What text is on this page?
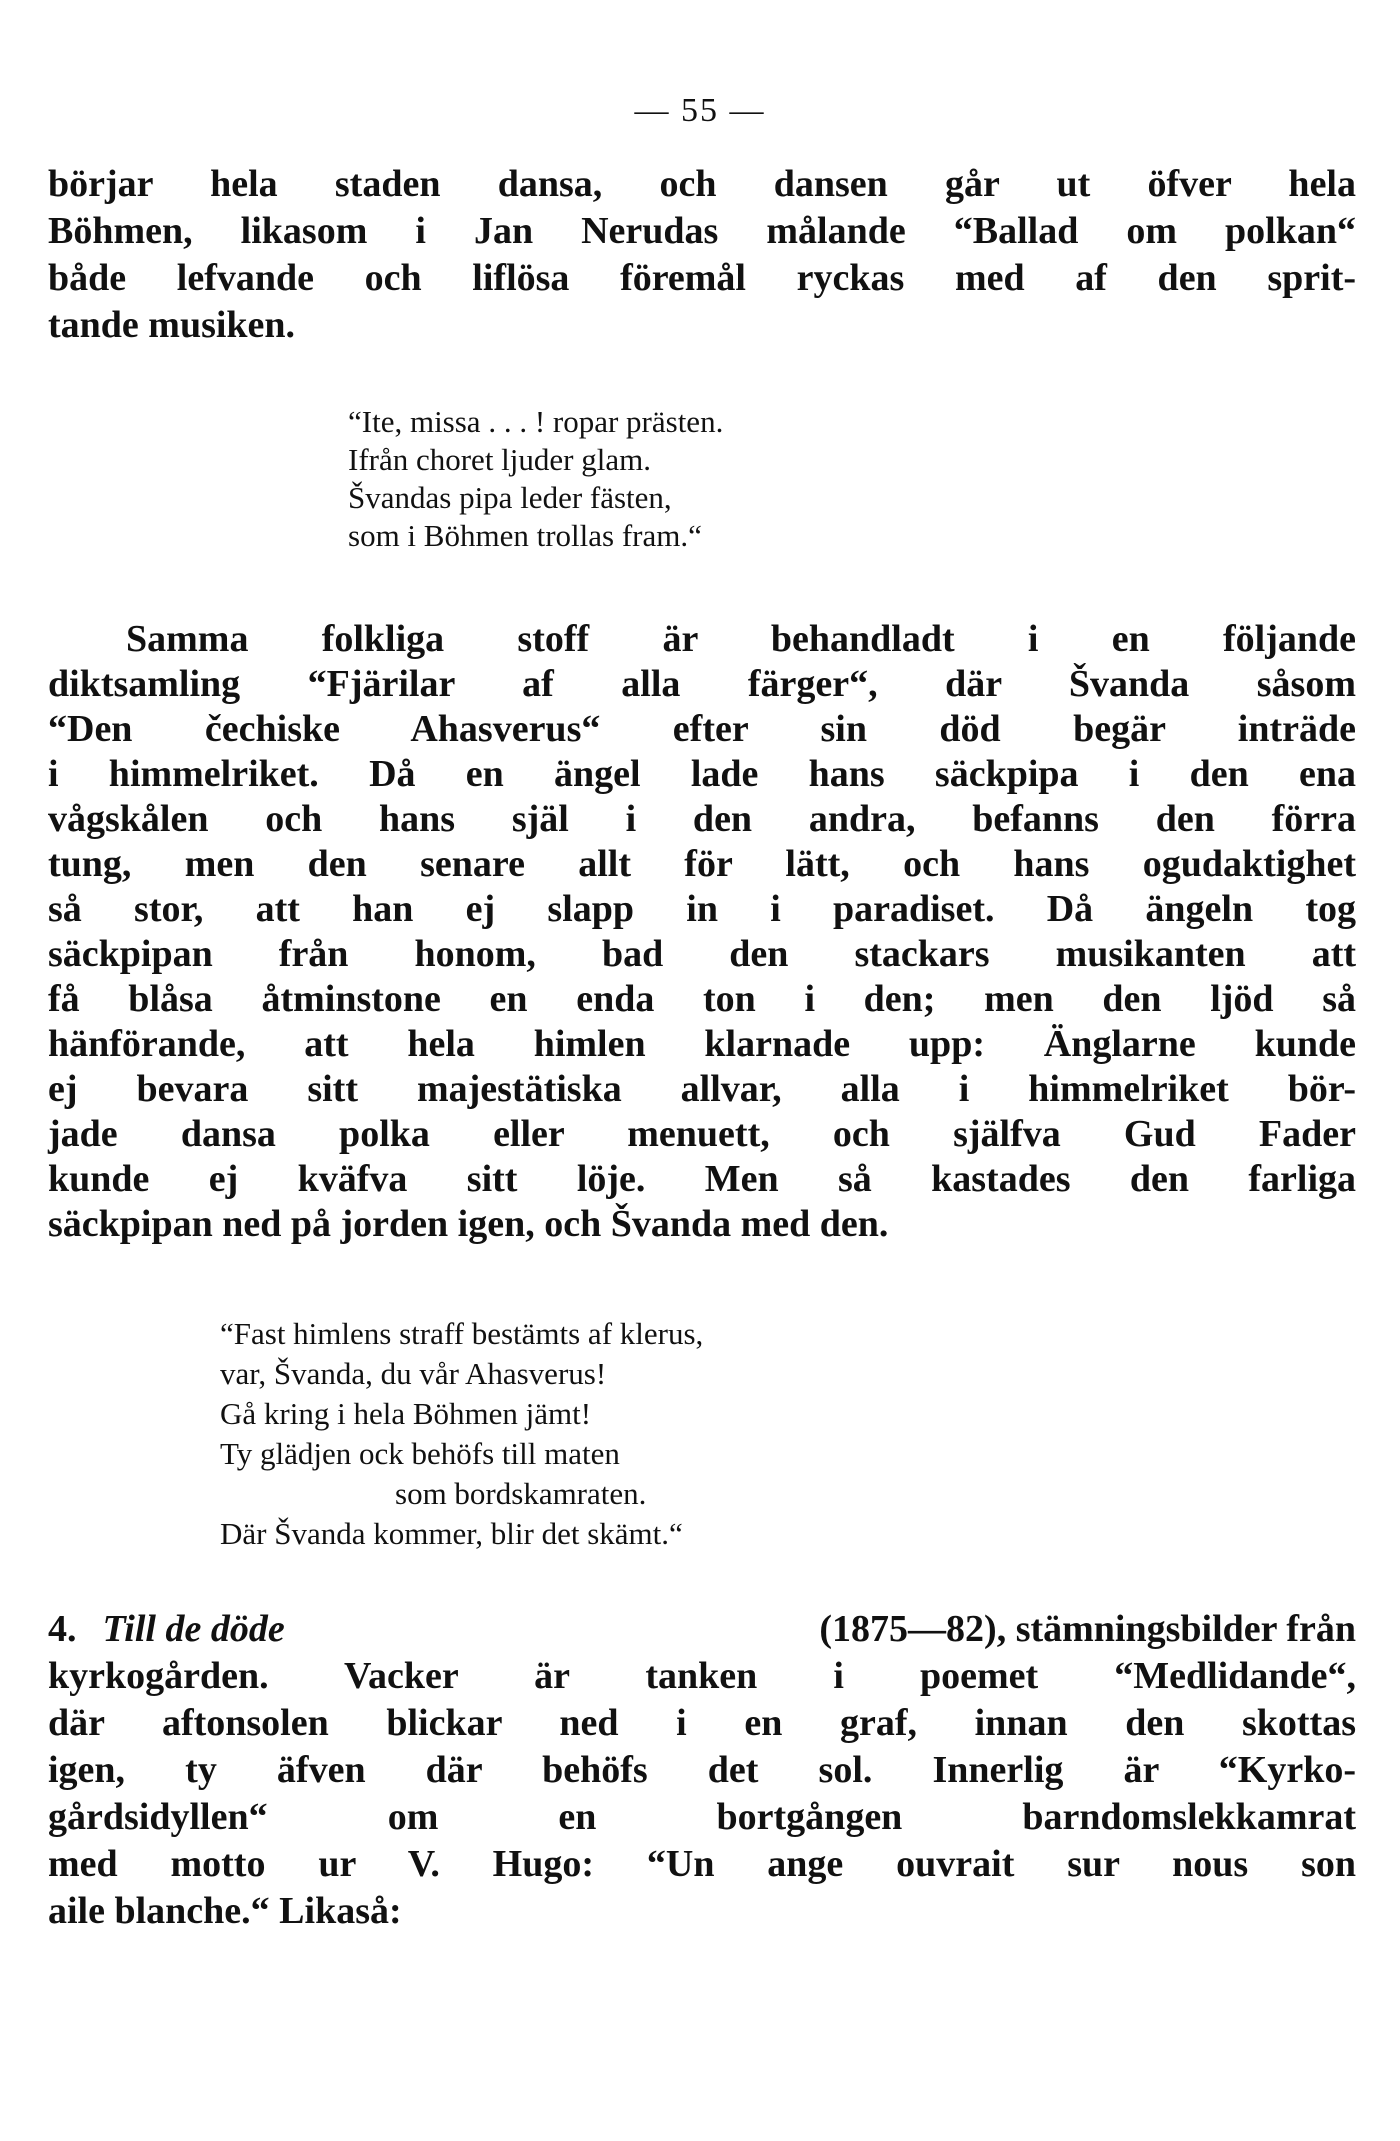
— 55 —
börjar hela staden dansa, och dansen går ut öfver hela
Böhmen, likasom i Jan Nerudas målande “Ballad om polkan“
både lefvande och liflösa föremål ryckas med af den sprit-
tande musiken.
“Ite, missa . . . ! ropar prästen.
Ifrån choret ljuder glam.
Švandas pipa leder fästen,
som i Böhmen trollas fram.“
Samma folkliga stoff är behandladt i en följande
diktsamling “Fjärilar af alla färger“, där Švanda såsom
“Den čechiske Ahasverus“ efter sin död begär inträde
i himmelriket. Då en ängel lade hans säckpipa i den ena
vågskålen och hans själ i den andra, befanns den förra
tung, men den senare allt för lätt, och hans ogudaktighet
så stor, att han ej slapp in i paradiset. Då ängeln tog
säckpipan från honom, bad den stackars musikanten att
få blåsa åtminstone en enda ton i den; men den ljöd så
hänförande, att hela himlen klarnade upp: Änglarne kunde
ej bevara sitt majestätiska allvar, alla i himmelriket bör-
jade dansa polka eller menuett, och själfva Gud Fader
kunde ej kväfva sitt löje. Men så kastades den farliga
säckpipan ned på jorden igen, och Švanda med den.
“Fast himlens straff bestämts af klerus,
var, Švanda, du vår Ahasverus!
Gå kring i hela Böhmen jämt!
Ty glädjen ock behöfs till maten
som bordskamraten.
Där Švanda kommer, blir det skämt.“
4. Till de döde	(1875—82), stämningsbilder från
kyrkogården. Vacker är tanken i poemet “Medlidande“,
där aftonsolen blickar ned i en graf, innan den skottas
igen, ty äfven där behöfs det sol. Innerlig är “Kyrko-
gårdsidyllen“ om en bortgången barndomslekkamrat
med motto ur V. Hugo: “Un ange ouvrait sur nous son
aile blanche.“ Likaså:
